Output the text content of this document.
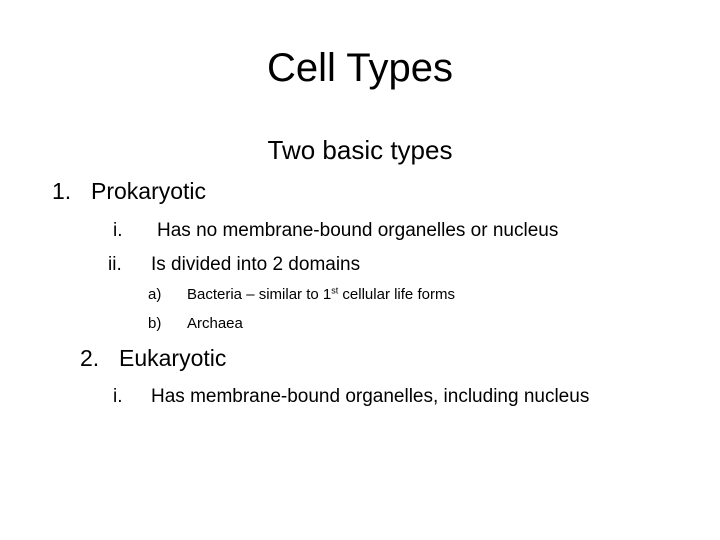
Cell Types
Two basic types
1. Prokaryotic
i. Has no membrane-bound organelles or nucleus
ii. Is divided into 2 domains
a) Bacteria – similar to 1st cellular life forms
b) Archaea
2. Eukaryotic
i. Has membrane-bound organelles, including nucleus
